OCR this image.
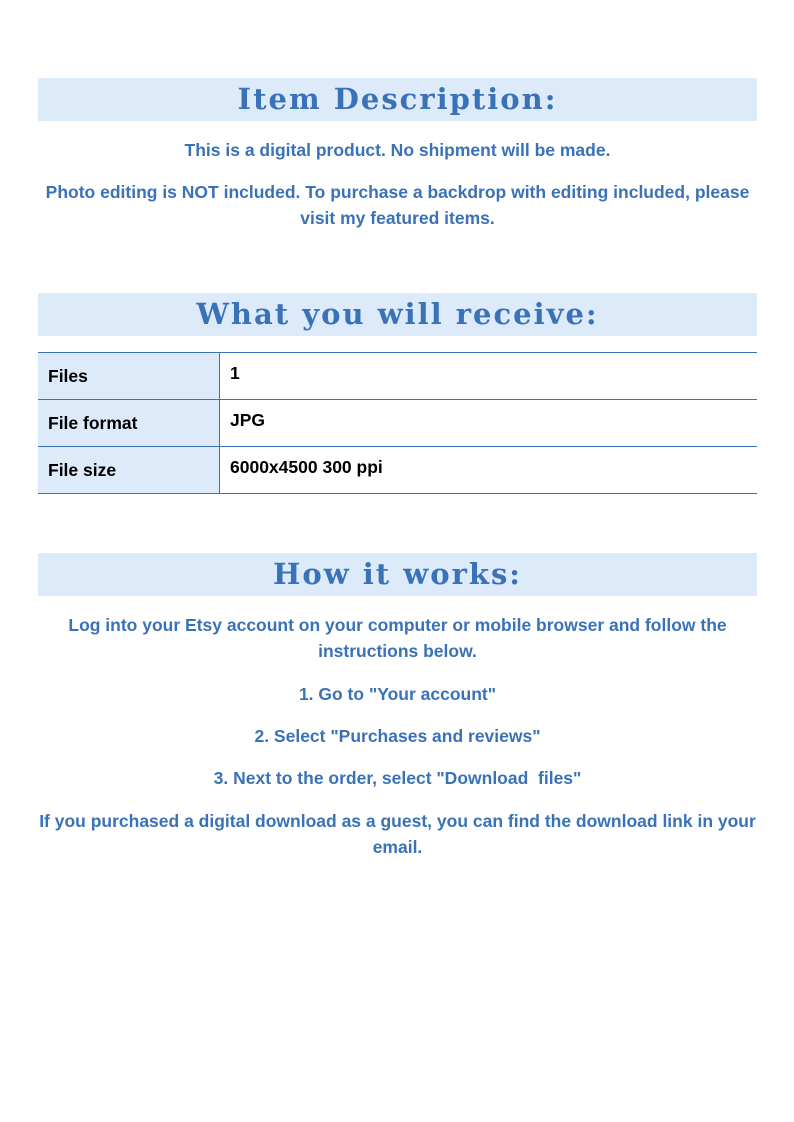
Item Description:

This is a digital product. No shipment will be made.

Photo editing is NOT included. To purchase a backdrop with editing included, please visit my featured items.

What you will receive:
Files	1
File format	JPG
File size	6000x4500 300 ppi
How it works:

Log into your Etsy account on your computer or mobile browser and follow the instructions below.

1. Go to "Your account"

2. Select "Purchases and reviews"

3. Next to the order, select "Download  files"

If you purchased a digital download as a guest, you can find the download link in your email.
